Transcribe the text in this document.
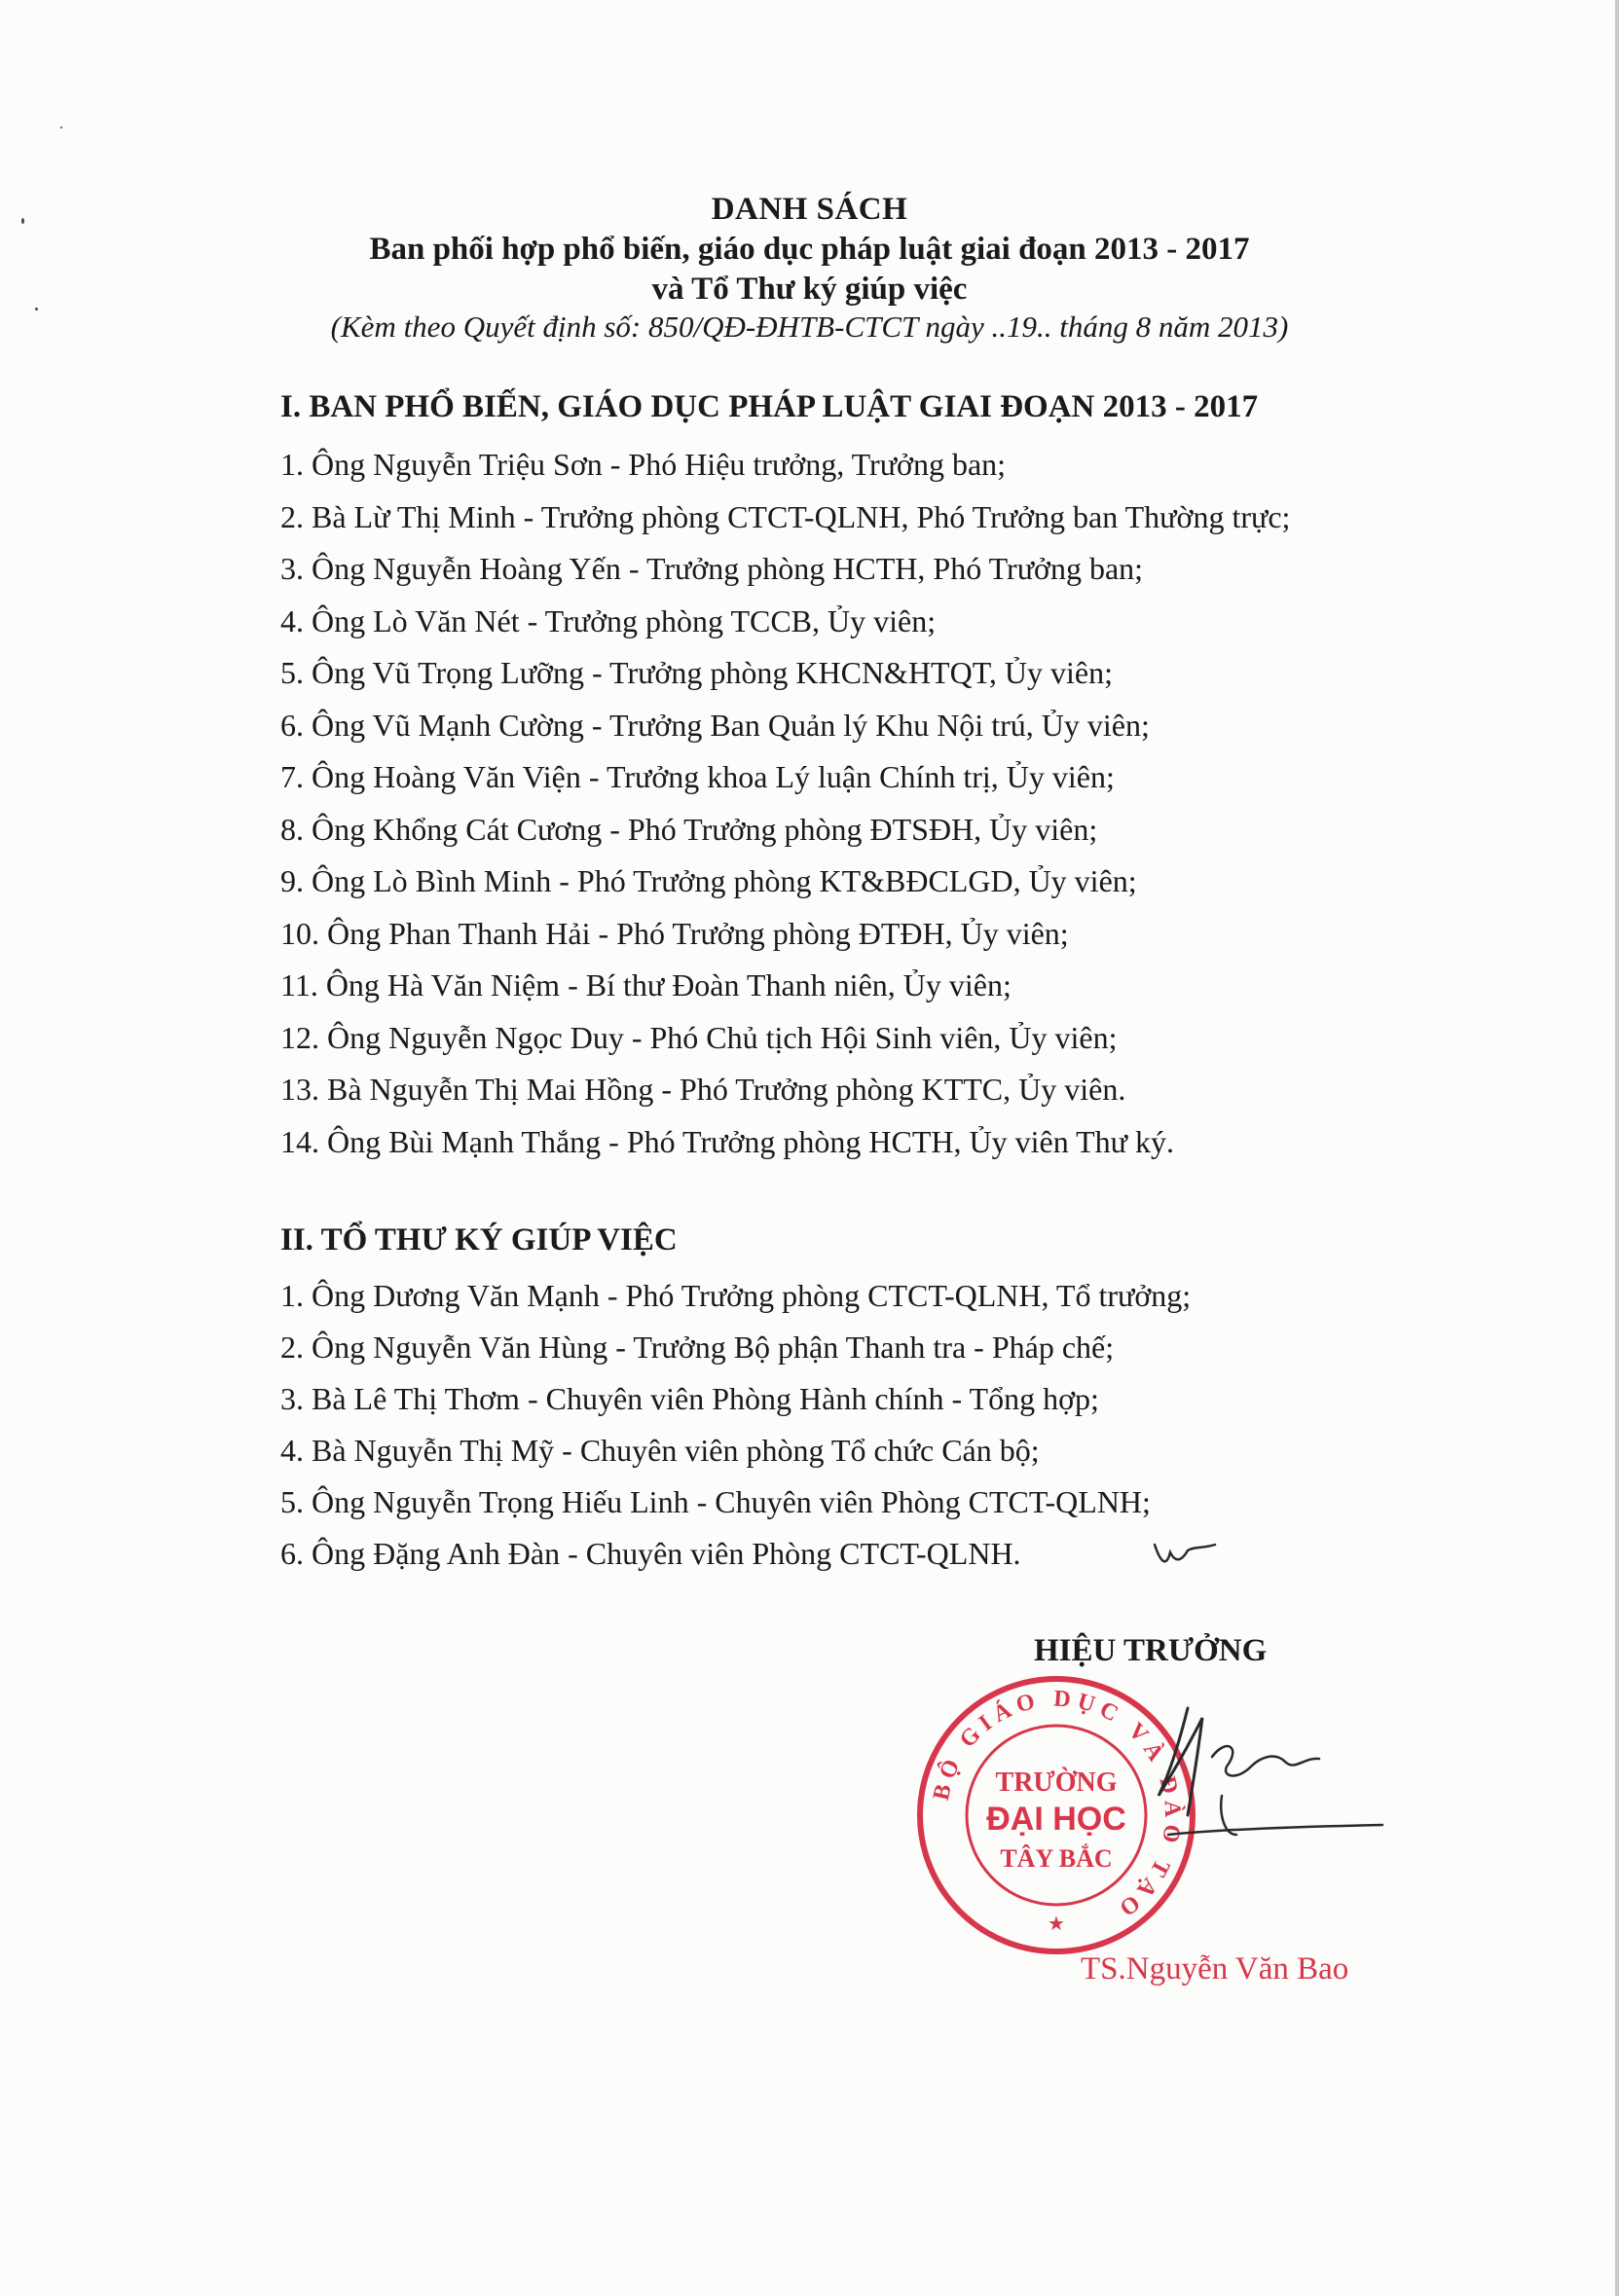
DANH SÁCH
Ban phối hợp phổ biến, giáo dục pháp luật giai đoạn 2013 - 2017
và Tổ Thư ký giúp việc
(Kèm theo Quyết định số: 850/QĐ-ĐHTB-CTCT ngày ..19.. tháng 8 năm 2013)
I. BAN PHỔ BIẾN, GIÁO DỤC PHÁP LUẬT GIAI ĐOẠN 2013 - 2017
1. Ông Nguyễn Triệu Sơn - Phó Hiệu trưởng, Trưởng ban;
2. Bà Lừ Thị Minh - Trưởng phòng CTCT-QLNH, Phó Trưởng ban Thường trực;
3. Ông Nguyễn Hoàng Yến - Trưởng phòng HCTH, Phó Trưởng ban;
4. Ông Lò Văn Nét - Trưởng phòng TCCB, Ủy viên;
5. Ông Vũ Trọng Lưỡng - Trưởng phòng KHCN&HTQT, Ủy viên;
6. Ông Vũ Mạnh Cường - Trưởng Ban Quản lý Khu Nội trú, Ủy viên;
7. Ông Hoàng Văn Viện - Trưởng khoa Lý luận Chính trị, Ủy viên;
8. Ông Khổng Cát Cương - Phó Trưởng phòng ĐTSĐH, Ủy viên;
9. Ông Lò Bình Minh - Phó Trưởng phòng KT&BĐCLGD, Ủy viên;
10. Ông Phan Thanh Hải - Phó Trưởng phòng ĐTĐH, Ủy viên;
11. Ông Hà Văn Niệm - Bí thư Đoàn Thanh niên, Ủy viên;
12. Ông Nguyễn Ngọc Duy - Phó Chủ tịch Hội Sinh viên, Ủy viên;
13. Bà Nguyễn Thị Mai Hồng - Phó Trưởng phòng KTTC, Ủy viên.
14. Ông Bùi Mạnh Thắng - Phó Trưởng phòng HCTH, Ủy viên Thư ký.
II. TỔ THƯ KÝ GIÚP VIỆC
1. Ông Dương Văn Mạnh - Phó Trưởng phòng CTCT-QLNH, Tổ trưởng;
2. Ông Nguyễn Văn Hùng - Trưởng Bộ phận Thanh tra - Pháp chế;
3. Bà Lê Thị Thơm - Chuyên viên Phòng Hành chính - Tổng hợp;
4. Bà Nguyễn Thị Mỹ - Chuyên viên phòng Tổ chức Cán bộ;
5. Ông Nguyễn Trọng Hiếu Linh - Chuyên viên Phòng CTCT-QLNH;
6. Ông Đặng Anh Đàn - Chuyên viên Phòng CTCT-QLNH.
HIỆU TRƯỞNG
BỘ GIÁO DỤC VÀ ĐÀO TẠO
TRƯỜNG
ĐẠI HỌC
TÂY BẮC
★
TS.Nguyễn Văn Bao
